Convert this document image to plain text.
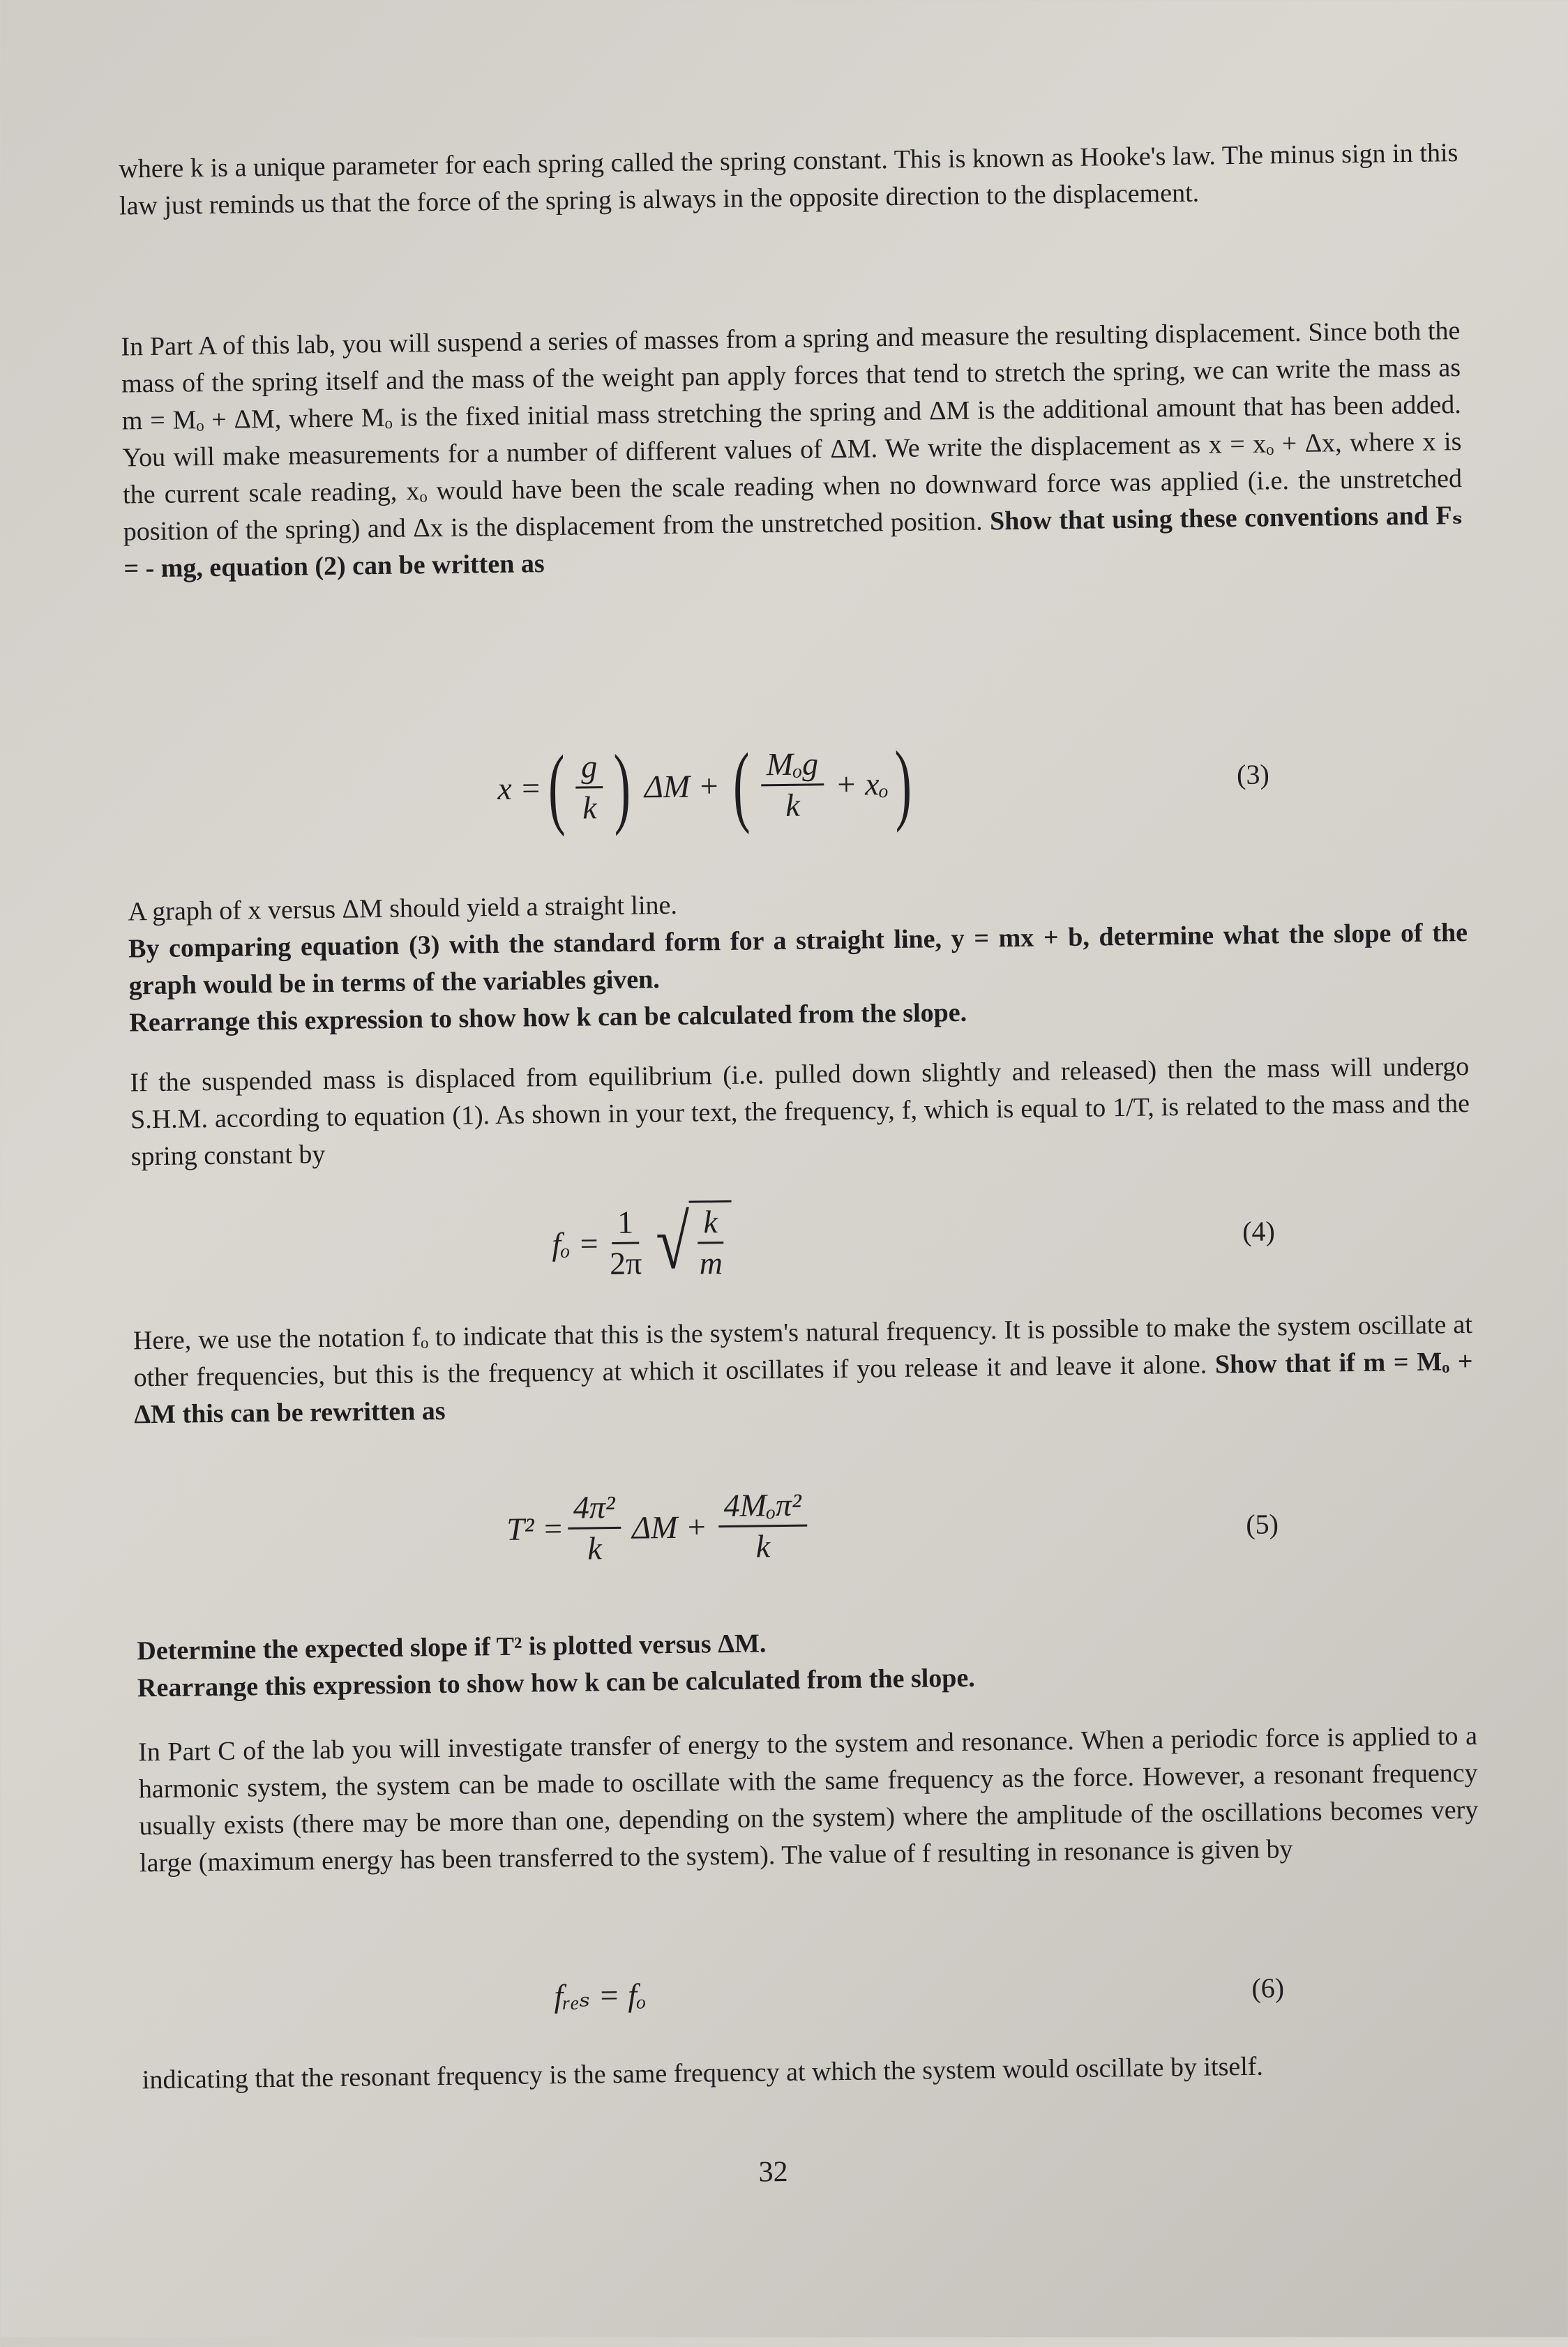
where k is a unique parameter for each spring called the spring constant. This is known as Hooke's law. The minus sign in this law just reminds us that the force of the spring is always in the opposite direction to the displacement.

In Part A of this lab, you will suspend a series of masses from a spring and measure the resulting displacement. Since both the mass of the spring itself and the mass of the weight pan apply forces that tend to stretch the spring, we can write the mass as m = Mₒ + ΔM, where Mₒ is the fixed initial mass stretching the spring and ΔM is the additional amount that has been added. You will make measurements for a number of different values of ΔM. We write the displacement as x = xₒ + Δx, where x is the current scale reading, xₒ would have been the scale reading when no downward force was applied (i.e. the unstretched position of the spring) and Δx is the displacement from the unstretched position. Show that using these conventions and Fₛ = - mg, equation (2) can be written as

x = ( $\frac{g}{k}$ ) ΔM + ( $\frac{\text{Mₒg}}{k} + x_o$ )	(3)

A graph of x versus ΔM should yield a straight line.

By comparing equation (3) with the standard form for a straight line, y = mx + b, determine what the slope of the graph would be in terms of the variables given.

Rearrange this expression to show how k can be calculated from the slope.

If the suspended mass is displaced from equilibrium (i.e. pulled down slightly and released) then the mass will undergo S.H.M. according to equation (1). As shown in your text, the frequency, f, which is equal to 1/T, is related to the mass and the spring constant by

$f_o = \frac{1}{2\pi}$ √ $\frac{k}{m}$	(4)

Here, we use the notation fₒ to indicate that this is the system's natural frequency. It is possible to make the system oscillate at other frequencies, but this is the frequency at which it oscillates if you release it and leave it alone. Show that if m = Mₒ + ΔM this can be rewritten as

$T^2 = \frac{\text{4π²}}{k}$ $\Delta M + \frac{\text{4Mₒπ²}}{k}$	(5)

Determine the expected slope if T² is plotted versus ΔM.

Rearrange this expression to show how k can be calculated from the slope.

In Part C of the lab you will investigate transfer of energy to the system and resonance. When a periodic force is applied to a harmonic system, the system can be made to oscillate with the same frequency as the force. However, a resonant frequency usually exists (there may be more than one, depending on the system) where the amplitude of the oscillations becomes very large (maximum energy has been transferred to the system). The value of f resulting in resonance is given by

fᵣₑₛ = fₒ	(6)

indicating that the resonant frequency is the same frequency at which the system would oscillate by itself.

32
